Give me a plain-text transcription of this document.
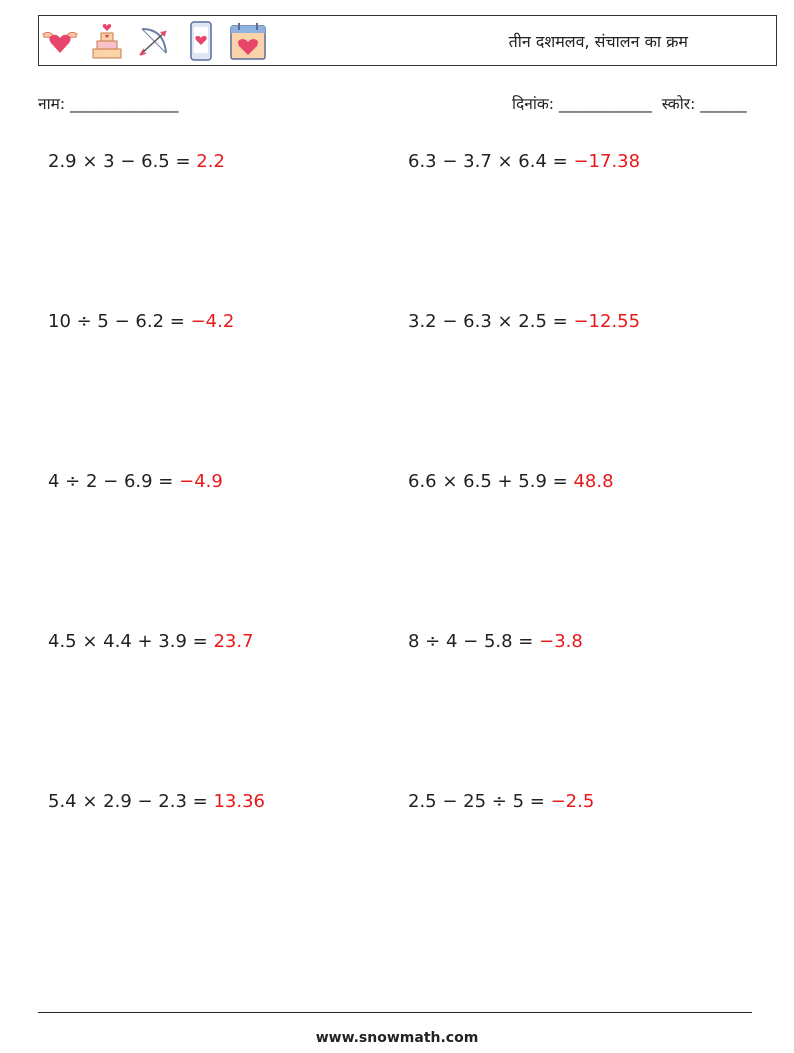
तीन दशमलव, संचालन का क्रम
नाम: ______________	दिनांक: ____________ स्कोर: ______
2.9 × 3 − 6.5 = 2.2	6.3 − 3.7 × 6.4 = −17.38
10 ÷ 5 − 6.2 = −4.2	3.2 − 6.3 × 2.5 = −12.55
4 ÷ 2 − 6.9 = −4.9	6.6 × 6.5 + 5.9 = 48.8
4.5 × 4.4 + 3.9 = 23.7	8 ÷ 4 − 5.8 = −3.8
5.4 × 2.9 − 2.3 = 13.36	2.5 − 25 ÷ 5 = −2.5
www.snowmath.com
